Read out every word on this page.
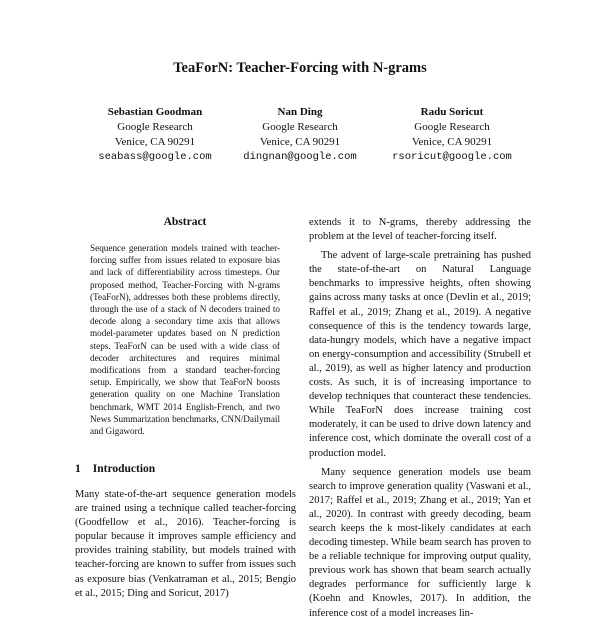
TeaForN: Teacher-Forcing with N-grams
Sebastian Goodman
Google Research
Venice, CA 90291
seabass@google.com
Nan Ding
Google Research
Venice, CA 90291
dingnan@google.com
Radu Soricut
Google Research
Venice, CA 90291
rsoricut@google.com
Abstract
Sequence generation models trained with teacher-forcing suffer from issues related to exposure bias and lack of differentiability across timesteps. Our proposed method, Teacher-Forcing with N-grams (TeaForN), addresses both these problems directly, through the use of a stack of N decoders trained to decode along a secondary time axis that allows model-parameter updates based on N prediction steps. TeaForN can be used with a wide class of decoder architectures and requires minimal modifications from a standard teacher-forcing setup. Empirically, we show that TeaForN boosts generation quality on one Machine Translation benchmark, WMT 2014 English-French, and two News Summarization benchmarks, CNN/Dailymail and Gigaword.
1 Introduction
Many state-of-the-art sequence generation models are trained using a technique called teacher-forcing (Goodfellow et al., 2016). Teacher-forcing is popular because it improves sample efficiency and provides training stability, but models trained with teacher-forcing are known to suffer from issues such as exposure bias (Venkatraman et al., 2015; Bengio et al., 2015; Ding and Soricut, 2017)

extends it to N-grams, thereby addressing the problem at the level of teacher-forcing itself.

The advent of large-scale pretraining has pushed the state-of-the-art on Natural Language benchmarks to impressive heights, often showing gains across many tasks at once (Devlin et al., 2019; Raffel et al., 2019; Zhang et al., 2019). A negative consequence of this is the tendency towards large, data-hungry models, which have a negative impact on energy-consumption and accessibility (Strubell et al., 2019), as well as higher latency and production costs. As such, it is of increasing importance to develop techniques that counteract these tendencies. While TeaForN does increase training cost moderately, it can be used to drive down latency and inference cost, which dominate the overall cost of a production model.

Many sequence generation models use beam search to improve generation quality (Vaswani et al., 2017; Raffel et al., 2019; Zhang et al., 2019; Yan et al., 2020). In contrast with greedy decoding, beam search keeps the k most-likely candidates at each decoding timestep. While beam search has proven to be a reliable technique for improving output quality, previous work has shown that beam search actually degrades performance for sufficiently large k (Koehn and Knowles, 2017). In addition, the inference cost of a model increases lin-
